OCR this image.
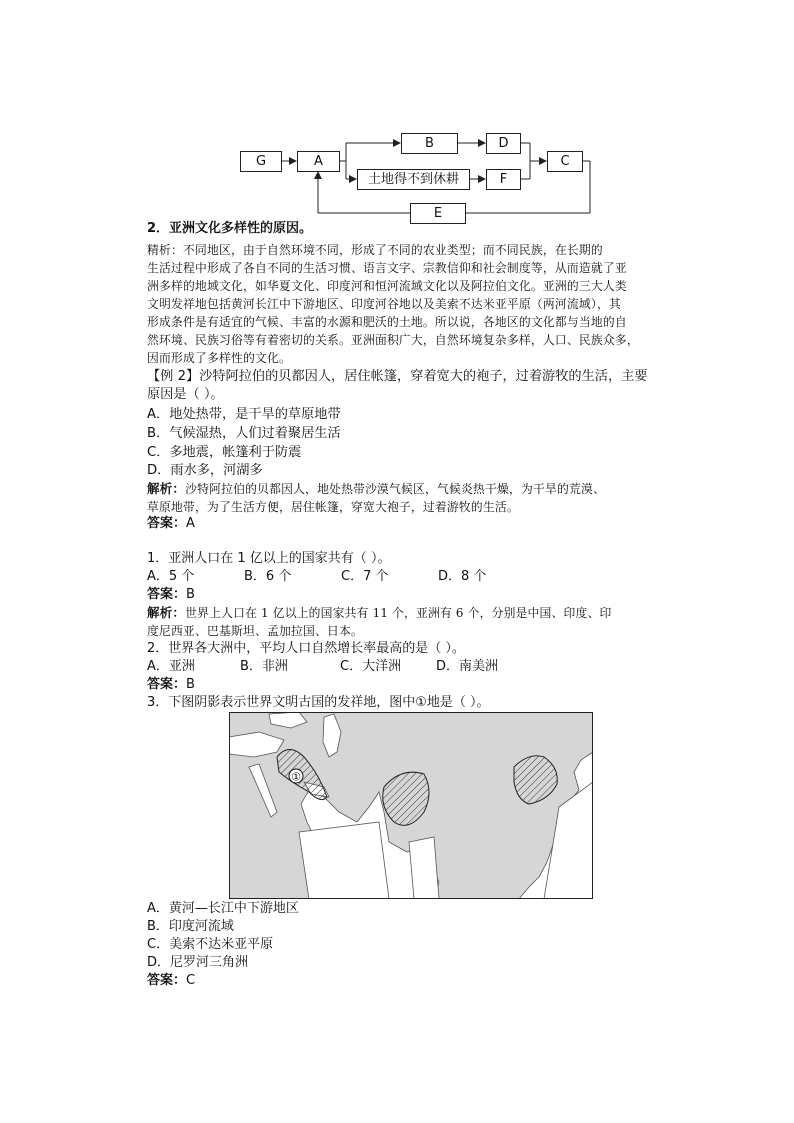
G	A
B	D
土地得不到休耕	F
C
E
2．亚洲文化多样性的原因。
精析：不同地区，由于自然环境不同，形成了不同的农业类型；而不同民族，在长期的
生活过程中形成了各自不同的生活习惯、语言文字、宗教信仰和社会制度等，从而造就了亚
洲多样的地域文化，如华夏文化、印度河和恒河流域文化以及阿拉伯文化。亚洲的三大人类
文明发祥地包括黄河长江中下游地区、印度河谷地以及美索不达米亚平原（两河流域），其
形成条件是有适宜的气候、丰富的水源和肥沃的土地。所以说，各地区的文化都与当地的自
然环境、民族习俗等有着密切的关系。亚洲面积广大，自然环境复杂多样，人口、民族众多，
因而形成了多样性的文化。
【例 2】沙特阿拉伯的贝都因人，居住帐篷，穿着宽大的袍子，过着游牧的生活，主要
原因是（ ）。
A．地处热带，是干旱的草原地带
B．气候湿热，人们过着聚居生活
C．多地震，帐篷利于防震
D．雨水多，河湖多
解析：沙特阿拉伯的贝都因人，地处热带沙漠气候区，气候炎热干燥，为干旱的荒漠、
草原地带，为了生活方便，居住帐篷，穿宽大袍子，过着游牧的生活。
答案：A
1．亚洲人口在 1 亿以上的国家共有（ ）。
A．5 个	B．6 个	C．7 个	D．8 个
答案：B
解析：世界上人口在 1 亿以上的国家共有 11 个，亚洲有 6 个，分别是中国、印度、印
度尼西亚、巴基斯坦、孟加拉国、日本。
2．世界各大洲中，平均人口自然增长率最高的是（ ）。
A．亚洲	B．非洲	C．大洋洲	D．南美洲
答案：B
3．下图阴影表示世界文明古国的发祥地，图中①地是（ ）。
①
A．黄河—长江中下游地区
B．印度河流域
C．美索不达米亚平原
D．尼罗河三角洲
答案：C
